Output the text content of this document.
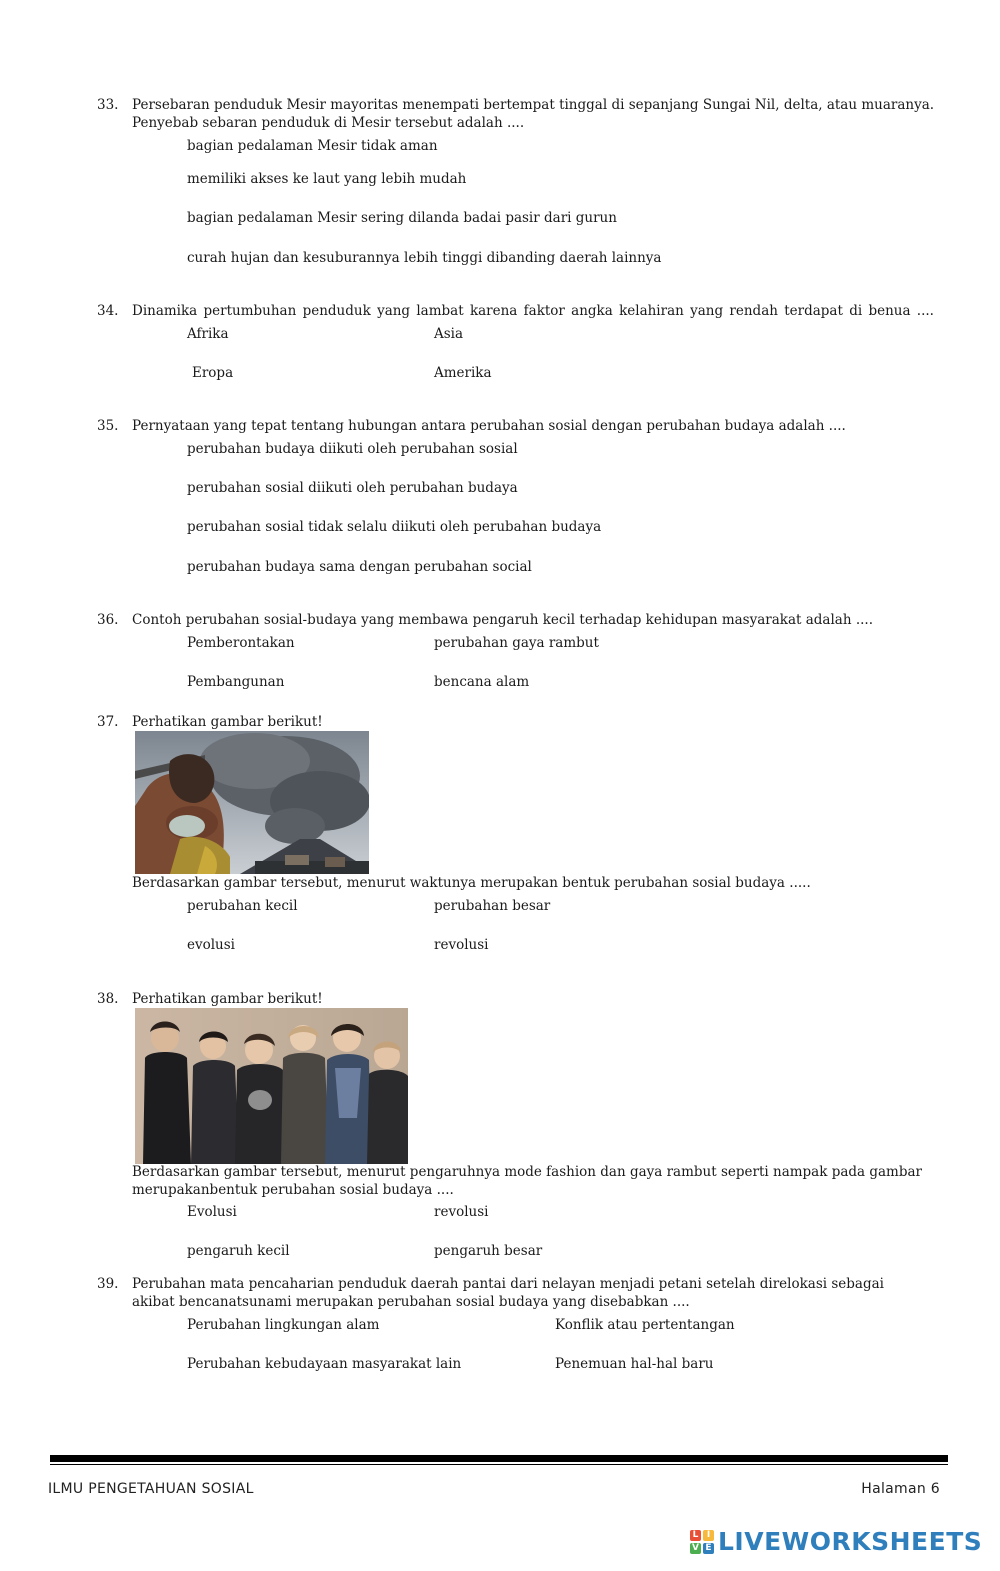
33. Persebaran penduduk Mesir mayoritas menempati bertempat tinggal di sepanjang Sungai Nil, delta, atau muaranya.
Penyebab sebaran penduduk di Mesir tersebut adalah ....
bagian pedalaman Mesir tidak aman
memiliki akses ke laut yang lebih mudah
bagian pedalaman Mesir sering dilanda badai pasir dari gurun
curah hujan dan kesuburannya lebih tinggi dibanding daerah lainnya
34. Dinamika pertumbuhan penduduk yang lambat karena faktor angka kelahiran yang rendah terdapat di benua ....
Afrika	Asia
Eropa	Amerika
35. Pernyataan yang tepat tentang hubungan antara perubahan sosial dengan perubahan budaya adalah ....
perubahan budaya diikuti oleh perubahan sosial
perubahan sosial diikuti oleh perubahan budaya
perubahan sosial tidak selalu diikuti oleh perubahan budaya
perubahan budaya sama dengan perubahan social
36. Contoh perubahan sosial-budaya yang membawa pengaruh kecil terhadap kehidupan masyarakat adalah ....
Pemberontakan	perubahan gaya rambut
Pembangunan	bencana alam
37. Perhatikan gambar berikut!
Berdasarkan gambar tersebut, menurut waktunya merupakan bentuk perubahan sosial budaya .....
perubahan kecil	perubahan besar
evolusi	revolusi
38. Perhatikan gambar berikut!
Berdasarkan gambar tersebut, menurut pengaruhnya mode fashion dan gaya rambut seperti nampak pada gambar
merupakanbentuk perubahan sosial budaya ....
Evolusi	revolusi
pengaruh kecil	pengaruh besar
39. Perubahan mata pencaharian penduduk daerah pantai dari nelayan menjadi petani setelah direlokasi sebagai
akibat bencanatsunami merupakan perubahan sosial budaya yang disebabkan ....
Perubahan lingkungan alam	Konflik atau pertentangan
Perubahan kebudayaan masyarakat lain	Penemuan hal-hal baru
ILMU PENGETAHUAN SOSIAL	Halaman 6
L I
V E LIVEWORKSHEETS
